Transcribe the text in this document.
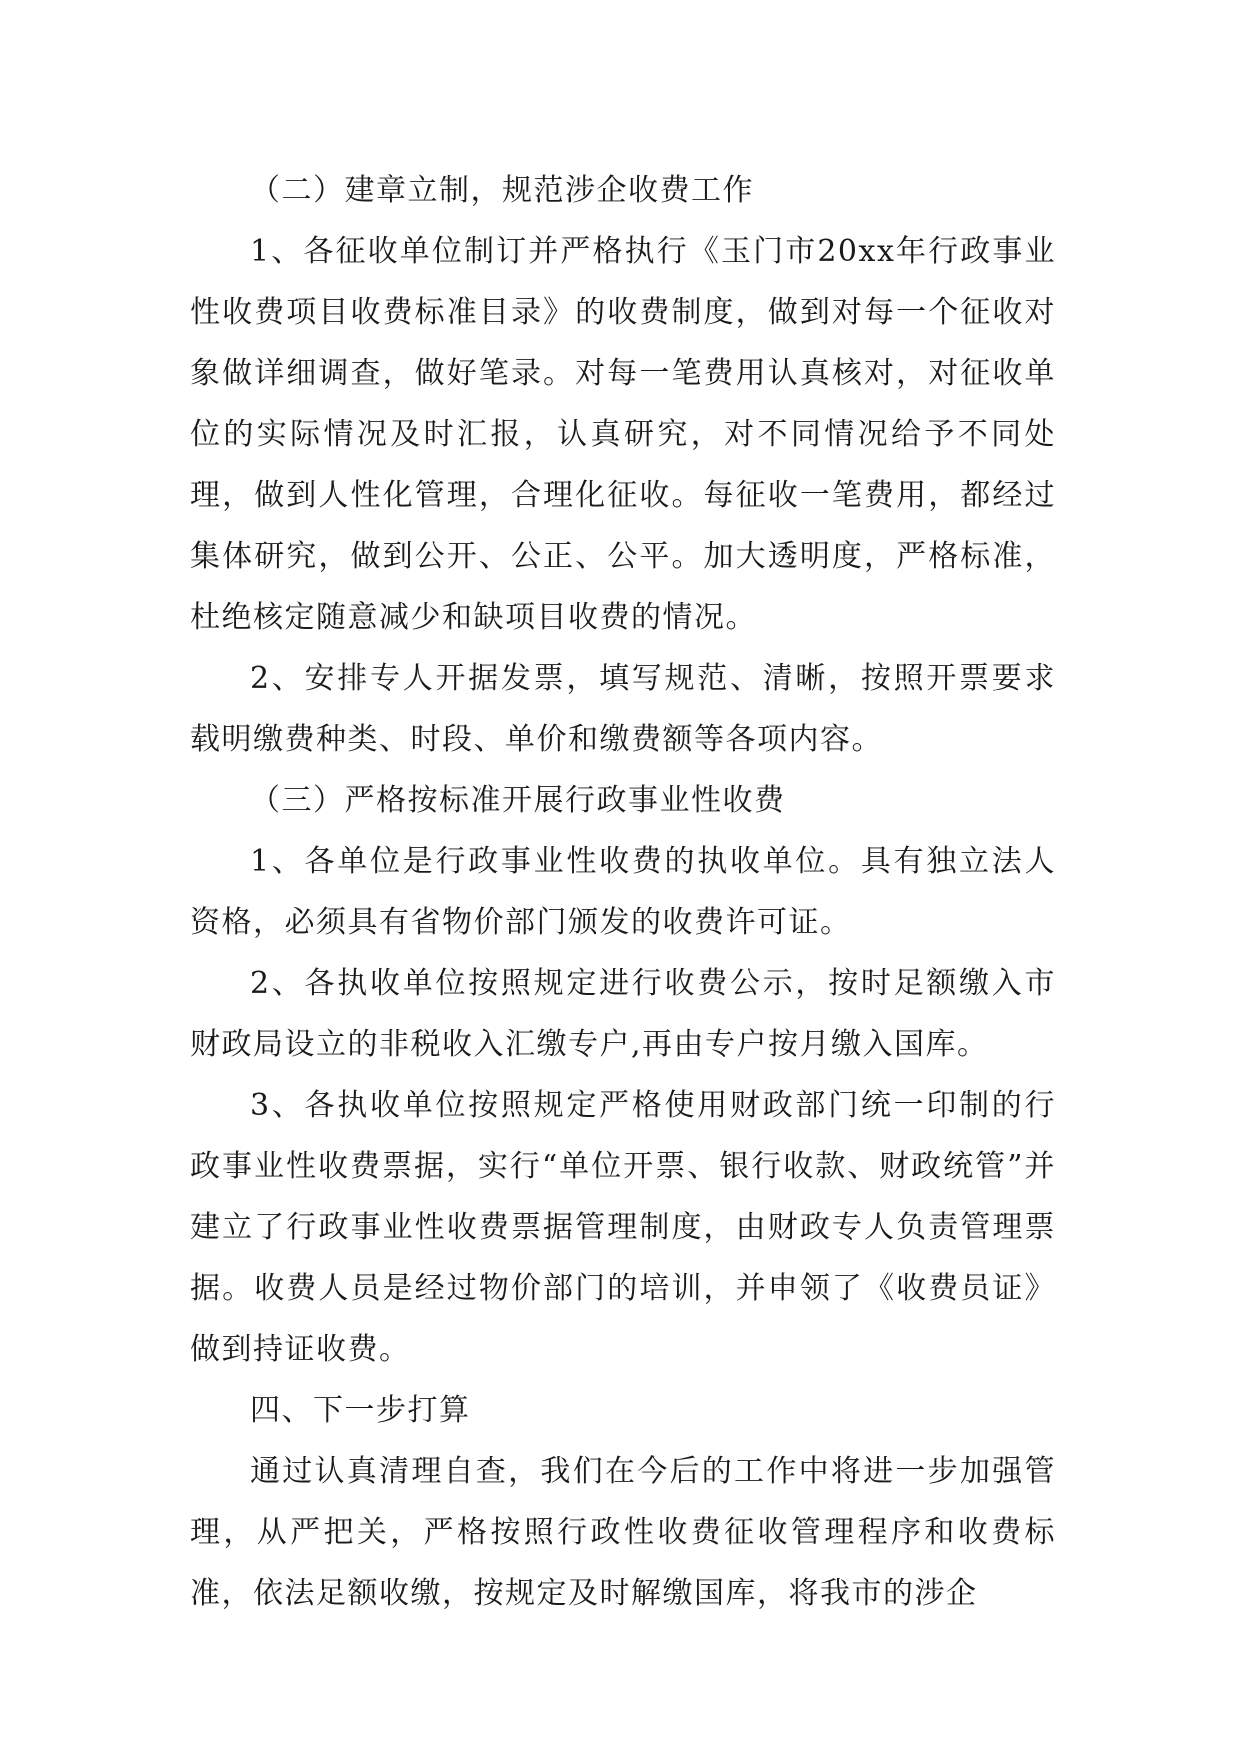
（二）建章立制，规范涉企收费工作

1、各征收单位制订并严格执行《玉门市20xx年行政事业性收费项目收费标准目录》的收费制度，做到对每一个征收对象做详细调查，做好笔录。对每一笔费用认真核对，对征收单位的实际情况及时汇报，认真研究，对不同情况给予不同处理，做到人性化管理，合理化征收。每征收一笔费用，都经过集体研究，做到公开、公正、公平。加大透明度，严格标准，杜绝核定随意减少和缺项目收费的情况。

2、安排专人开据发票，填写规范、清晰，按照开票要求载明缴费种类、时段、单价和缴费额等各项内容。

（三）严格按标准开展行政事业性收费

1、各单位是行政事业性收费的执收单位。具有独立法人资格，必须具有省物价部门颁发的收费许可证。

2、各执收单位按照规定进行收费公示，按时足额缴入市财政局设立的非税收入汇缴专户,再由专户按月缴入国库。

3、各执收单位按照规定严格使用财政部门统一印制的行政事业性收费票据，实行“单位开票、银行收款、财政统管”并建立了行政事业性收费票据管理制度，由财政专人负责管理票据。收费人员是经过物价部门的培训，并申领了《收费员证》做到持证收费。

四、下一步打算

通过认真清理自查，我们在今后的工作中将进一步加强管理，从严把关，严格按照行政性收费征收管理程序和收费标准，依法足额收缴，按规定及时解缴国库，将我市的涉企
